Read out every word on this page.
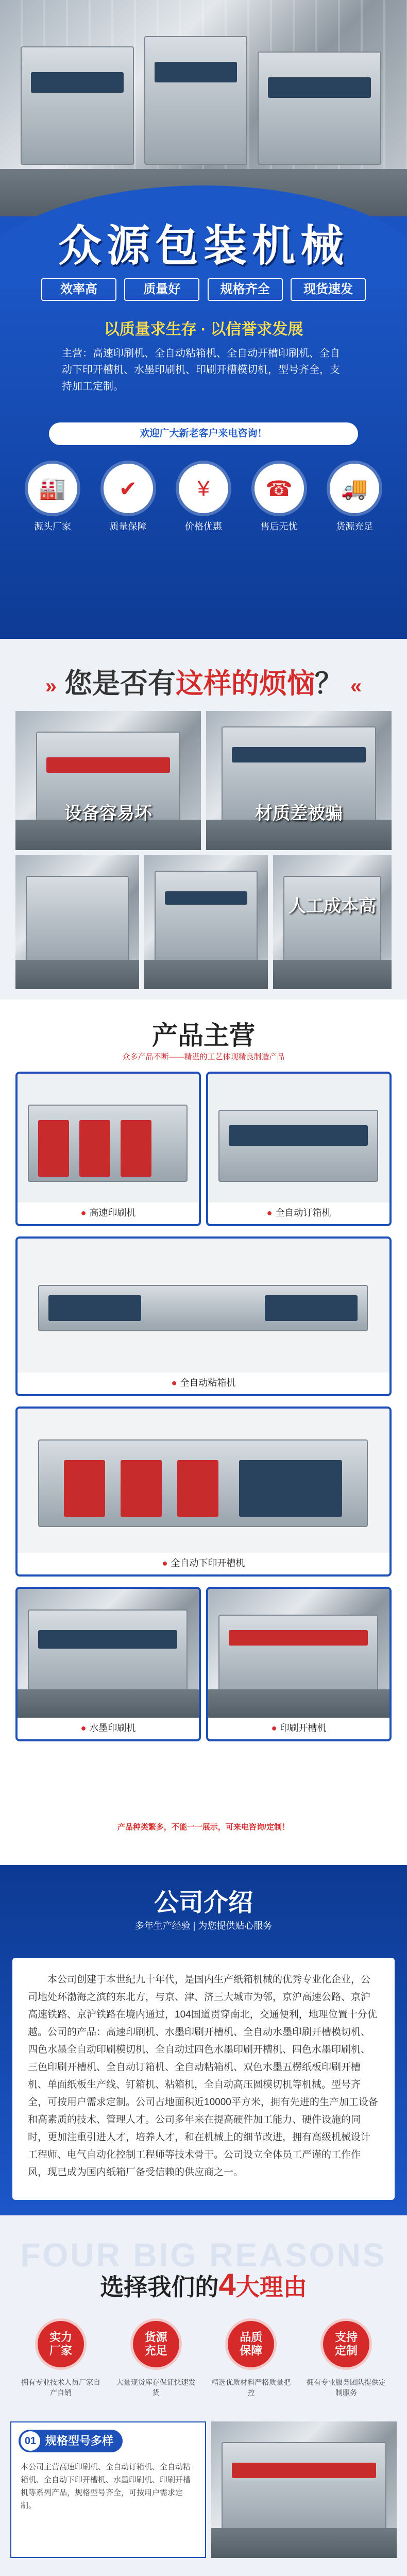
众源包装机械
效率高	质量好	规格齐全	现货速发
以质量求生存 · 以信誉求发展
主营：高速印刷机、全自动粘箱机、全自动开槽印刷机、全自动下印开槽机、水墨印刷机、印刷开槽模切机，型号齐全，支持加工定制。
欢迎广大新老客户来电咨询！
🏭
源头厂家
✔
质量保障
¥
价格优惠
☎
售后无忧
🚚
货源充足
» 您是否有这样的烦恼？ «
设备容易坏	材质差被骗
人工成本高
产品主营
众多产品不断——精湛的工艺体现精良制造产品
● 高速印刷机	● 全自动订箱机
● 全自动粘箱机
● 全自动下印开槽机
● 水墨印刷机	● 印刷开槽机
产品种类繁多，不能一一展示，可来电咨询/定制！
公司介绍
多年生产经验 | 为您提供贴心服务

本公司创建于本世纪九十年代，是国内生产纸箱机械的优秀专业化企业，公司地处环渤海之滨的东北方，与京、津、济三大城市为邻，京沪高速公路、京沪高速铁路、京沪铁路在境内通过，104国道贯穿南北，交通便利，地理位置十分优越。公司的产品：高速印刷机、水墨印刷开槽机、全自动水墨印刷开槽模切机、四色水墨全自动印刷模切机、全自动过四色水墨印刷开槽机、四色水墨印刷机、三色印刷开槽机、全自动订箱机、全自动粘箱机、双色水墨五楞纸板印刷开槽机、单面纸板生产线、钉箱机、粘箱机，全自动高压圆模切机等机械。型号齐全，可按用户需求定制。公司占地面积近10000平方米，拥有先进的生产加工设备和高素质的技术、管理人才。公司多年来在提高硬件加工能力、硬件设施的同时，更加注重引进人才，培养人才，和在机械上的细节改进，拥有高级机械设计工程师、电气自动化控制工程师等技术骨干。公司设立全体员工严谨的工作作风，现已成为国内纸箱厂备受信赖的供应商之一。

FOUR BIG REASONS
选择我们的4大理由
实力厂家

拥有专业技术人员厂家自产自销

货源充足

大量现货库存保证快速发货

品质保障

精选优质材料严格质量把控

支持定制

拥有专业服务团队提供定制服务

01 规格型号多样
本公司主营高速印刷机、全自动订箱机、全自动粘箱机、全自动下印开槽机、水墨印刷机、印刷开槽机等系列产品，规格型号齐全，可按用户需求定制。
